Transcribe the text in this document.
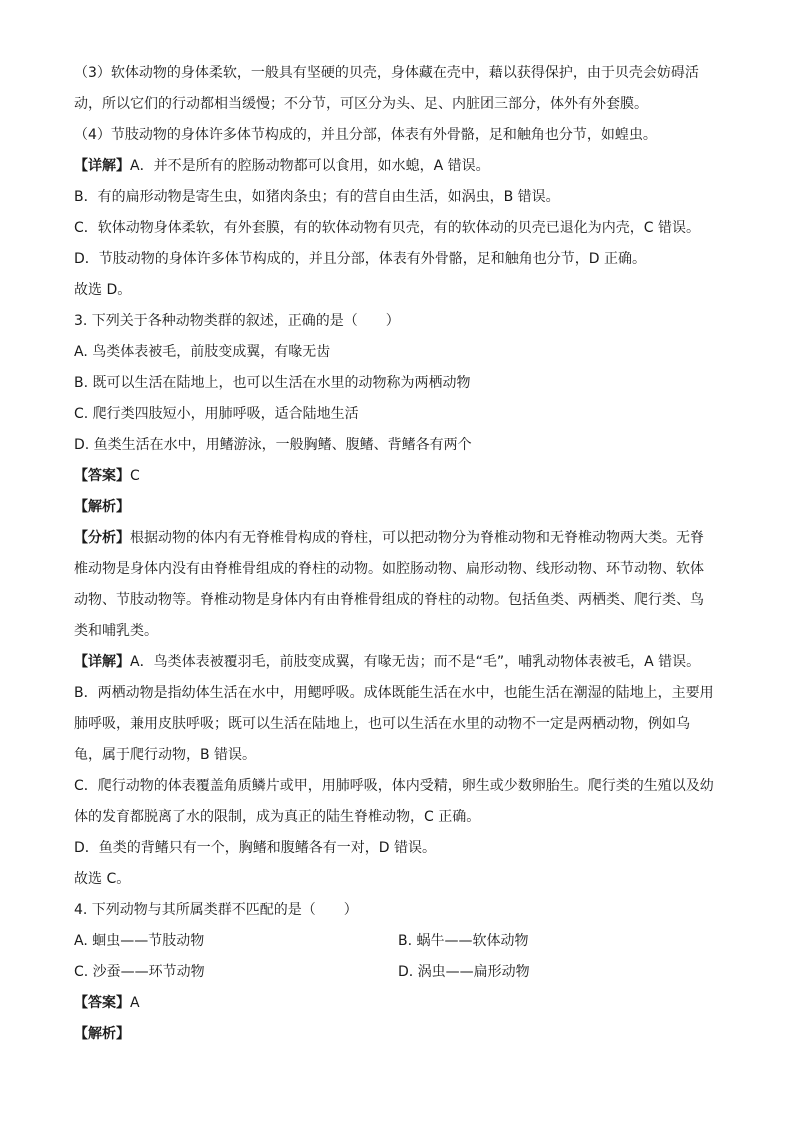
（3）软体动物的身体柔软，一般具有坚硬的贝壳，身体藏在壳中，藉以获得保护，由于贝壳会妨碍活
动，所以它们的行动都相当缓慢；不分节，可区分为头、足、内脏团三部分，体外有外套膜。
（4）节肢动物的身体许多体节构成的，并且分部，体表有外骨骼，足和触角也分节，如蝗虫。
【详解】A．并不是所有的腔肠动物都可以食用，如水螅，A 错误。
B．有的扁形动物是寄生虫，如猪肉条虫；有的营自由生活，如涡虫，B 错误。
C．软体动物身体柔软，有外套膜，有的软体动物有贝壳，有的软体动的贝壳已退化为内壳，C 错误。
D．节肢动物的身体许多体节构成的，并且分部，体表有外骨骼，足和触角也分节，D 正确。
故选 D。
3. 下列关于各种动物类群的叙述，正确的是（　　）
A. 鸟类体表被毛，前肢变成翼，有喙无齿
B. 既可以生活在陆地上，也可以生活在水里的动物称为两栖动物
C. 爬行类四肢短小，用肺呼吸，适合陆地生活
D. 鱼类生活在水中，用鳍游泳，一般胸鳍、腹鳍、背鳍各有两个
【答案】C
【解析】
【分析】根据动物的体内有无脊椎骨构成的脊柱，可以把动物分为脊椎动物和无脊椎动物两大类。无脊
椎动物是身体内没有由脊椎骨组成的脊柱的动物。如腔肠动物、扁形动物、线形动物、环节动物、软体
动物、节肢动物等。脊椎动物是身体内有由脊椎骨组成的脊柱的动物。包括鱼类、两栖类、爬行类、鸟
类和哺乳类。
【详解】A．鸟类体表被覆羽毛，前肢变成翼，有喙无齿；而不是“毛”，哺乳动物体表被毛，A 错误。
B．两栖动物是指幼体生活在水中，用鳃呼吸。成体既能生活在水中，也能生活在潮湿的陆地上，主要用
肺呼吸，兼用皮肤呼吸；既可以生活在陆地上，也可以生活在水里的动物不一定是两栖动物，例如乌
龟，属于爬行动物，B 错误。
C．爬行动物的体表覆盖角质鳞片或甲，用肺呼吸，体内受精，卵生或少数卵胎生。爬行类的生殖以及幼
体的发育都脱离了水的限制，成为真正的陆生脊椎动物，C 正确。
D．鱼类的背鳍只有一个，胸鳍和腹鳍各有一对，D 错误。
故选 C。
4. 下列动物与其所属类群不匹配的是（　　）
A. 蛔虫——节肢动物	B. 蜗牛——软体动物
C. 沙蚕——环节动物	D. 涡虫——扁形动物
【答案】A
【解析】
